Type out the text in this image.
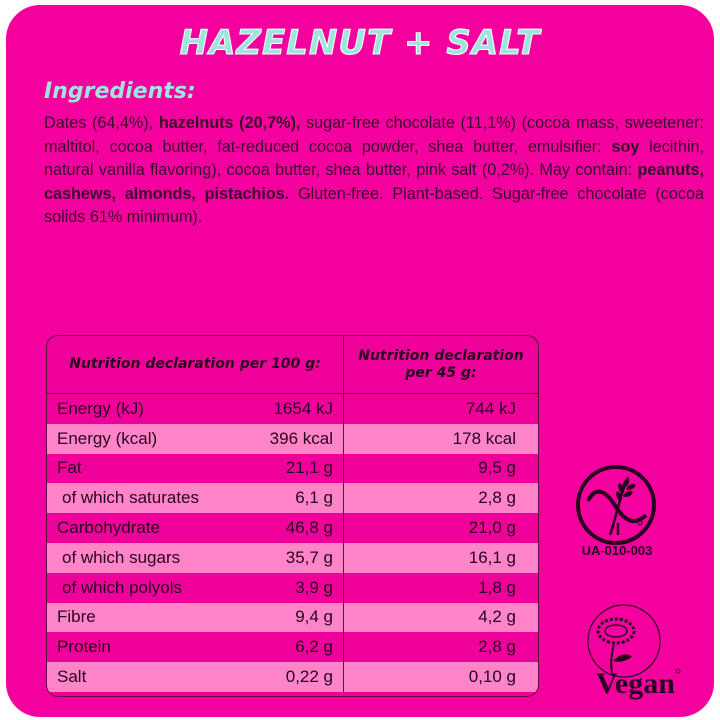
HAZELNUT + SALT
Ingredients:
Dates (64,4%), hazelnuts (20,7%), sugar-free chocolate (11,1%) (cocoa mass, sweetener: maltitol, cocoa butter, fat-reduced cocoa powder, shea butter, emulsifier: soy lecithin, natural vanilla flavoring), cocoa butter, shea butter, pink salt (0,2%). May contain: peanuts, cashews, almonds, pistachios. Gluten-free. Plant-based. Sugar-free chocolate (cocoa solids 61% minimum).
Nutrition declaration per 100 g:
Nutrition declaration per 45 g:
Energy (kJ)	1654 kJ	744 kJ
Energy (kcal)	396 kcal	178 kcal
Fat	21,1 g	9,5 g
of which saturates	6,1 g	2,8 g
Carbohydrate	46,8 g	21,0 g
of which sugars	35,7 g	16,1 g
of which polyols	3,9 g	1,8 g
Fibre	9,4 g	4,2 g
Protein	6,2 g	2,8 g
Salt	0,22 g	0,10 g
UA-010-003
Vegan
